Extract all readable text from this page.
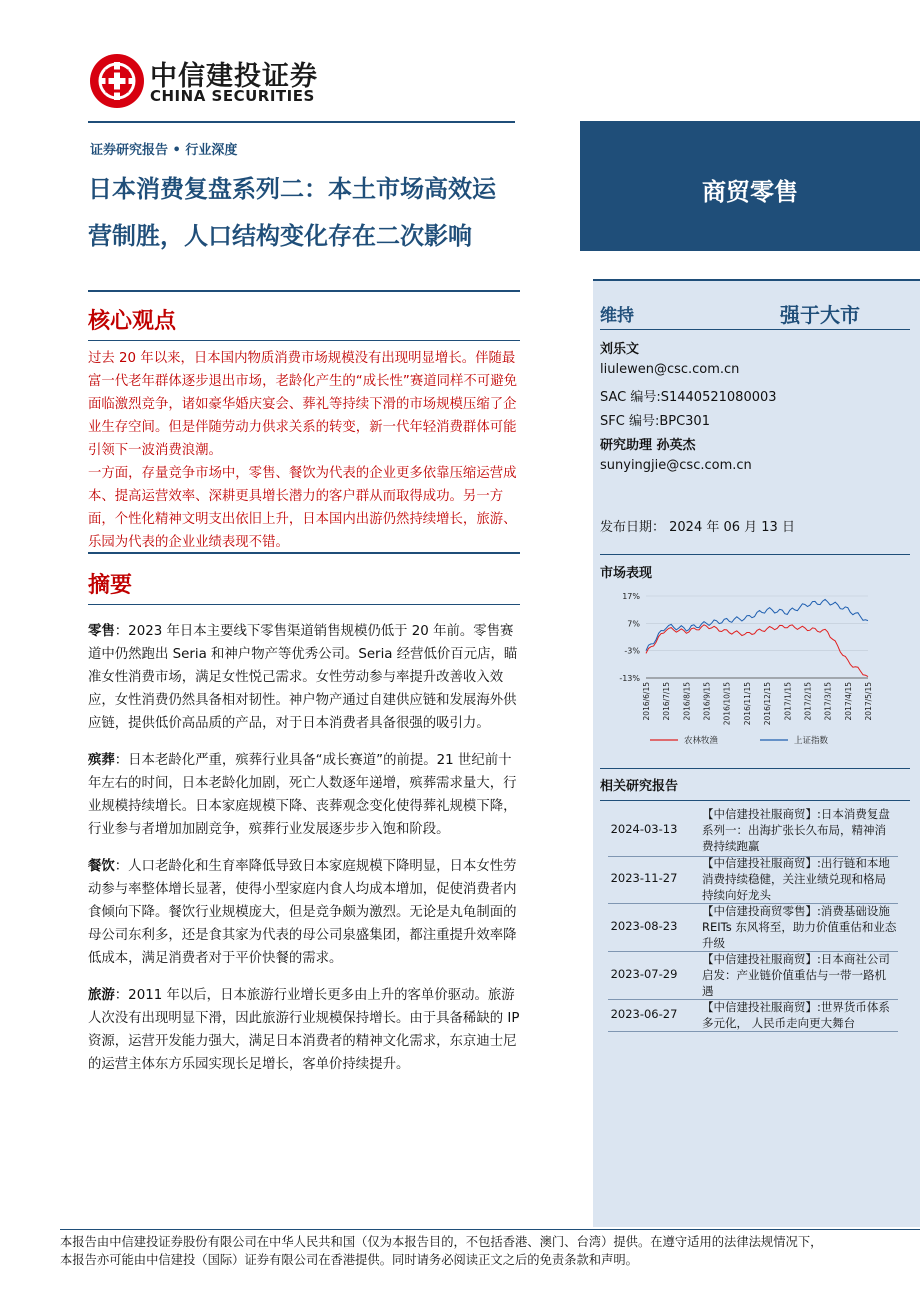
中信建投证券
CHINA SECURITIES
证券研究报告 • 行业深度
日本消费复盘系列二：本土市场高效运
营制胜，人口结构变化存在二次影响
核心观点

过去 20 年以来，日本国内物质消费市场规模没有出现明显增长。伴随最富一代老年群体逐步退出市场，老龄化产生的“成长性”赛道同样不可避免面临激烈竞争，诸如豪华婚庆宴会、葬礼等持续下滑的市场规模压缩了企业生存空间。但是伴随劳动力供求关系的转变，新一代年轻消费群体可能引领下一波消费浪潮。

一方面，存量竞争市场中，零售、餐饮为代表的企业更多依靠压缩运营成本、提高运营效率、深耕更具增长潜力的客户群从而取得成功。另一方面，个性化精神文明支出依旧上升，日本国内出游仍然持续增长，旅游、乐园为代表的企业业绩表现不错。

摘要

零售：2023 年日本主要线下零售渠道销售规模仍低于 20 年前。零售赛道中仍然跑出 Seria 和神户物产等优秀公司。Seria 经营低价百元店，瞄准女性消费市场，满足女性悦己需求。女性劳动参与率提升改善收入效应，女性消费仍然具备相对韧性。神户物产通过自建供应链和发展海外供应链，提供低价高品质的产品，对于日本消费者具备很强的吸引力。

殡葬：日本老龄化严重，殡葬行业具备“成长赛道”的前提。21 世纪前十年左右的时间，日本老龄化加剧，死亡人数逐年递增，殡葬需求量大，行业规模持续增长。日本家庭规模下降、丧葬观念变化使得葬礼规模下降，行业参与者增加加剧竞争，殡葬行业发展逐步步入饱和阶段。

餐饮：人口老龄化和生育率降低导致日本家庭规模下降明显，日本女性劳动参与率整体增长显著，使得小型家庭内食人均成本增加，促使消费者内食倾向下降。餐饮行业规模庞大，但是竞争颇为激烈。无论是丸龟制面的母公司东利多，还是食其家为代表的母公司泉盛集团，都注重提升效率降低成本，满足消费者对于平价快餐的需求。

旅游：2011 年以后，日本旅游行业增长更多由上升的客单价驱动。旅游人次没有出现明显下滑，因此旅游行业规模保持增长。由于具备稀缺的 IP 资源，运营开发能力强大，满足日本消费者的精神文化需求，东京迪士尼的运营主体东方乐园实现长足增长，客单价持续提升。

商贸零售
维持	强于大市
刘乐文
liulewen@csc.com.cn
SAC 编号:S1440521080003
SFC 编号:BPC301
研究助理 孙英杰
sunyingjie@csc.com.cn
发布日期： 2024 年 06 月 13 日
市场表现
17%
7%
-3%
-13%
2016/6/15 2016/7/15 2016/8/15 2016/9/15 2016/10/15 2016/11/15 2016/12/15 2017/1/15 2017/2/15 2017/3/15 2017/4/15 2017/5/15
农林牧渔	上证指数
相关研究报告
2024-03-13
【中信建投社服商贸】:日本消费复盘系列一：出海扩张长久布局，精神消费持续跑赢
2023-11-27
【中信建投社服商贸】:出行链和本地消费持续稳健，关注业绩兑现和格局持续向好龙头
2023-08-23
【中信建投商贸零售】:消费基础设施 REITs 东风将至，助力价值重估和业态升级
2023-07-29
【中信建投社服商贸】:日本商社公司启发：产业链价值重估与一带一路机遇
2023-06-27	【中信建投社服商贸】:世界货币体系多元化， 人民币走向更大舞台

本报告由中信建投证券股份有限公司在中华人民共和国（仅为本报告目的，不包括香港、澳门、台湾）提供。在遵守适用的法律法规情况下，

本报告亦可能由中信建投（国际）证券有限公司在香港提供。同时请务必阅读正文之后的免责条款和声明。
